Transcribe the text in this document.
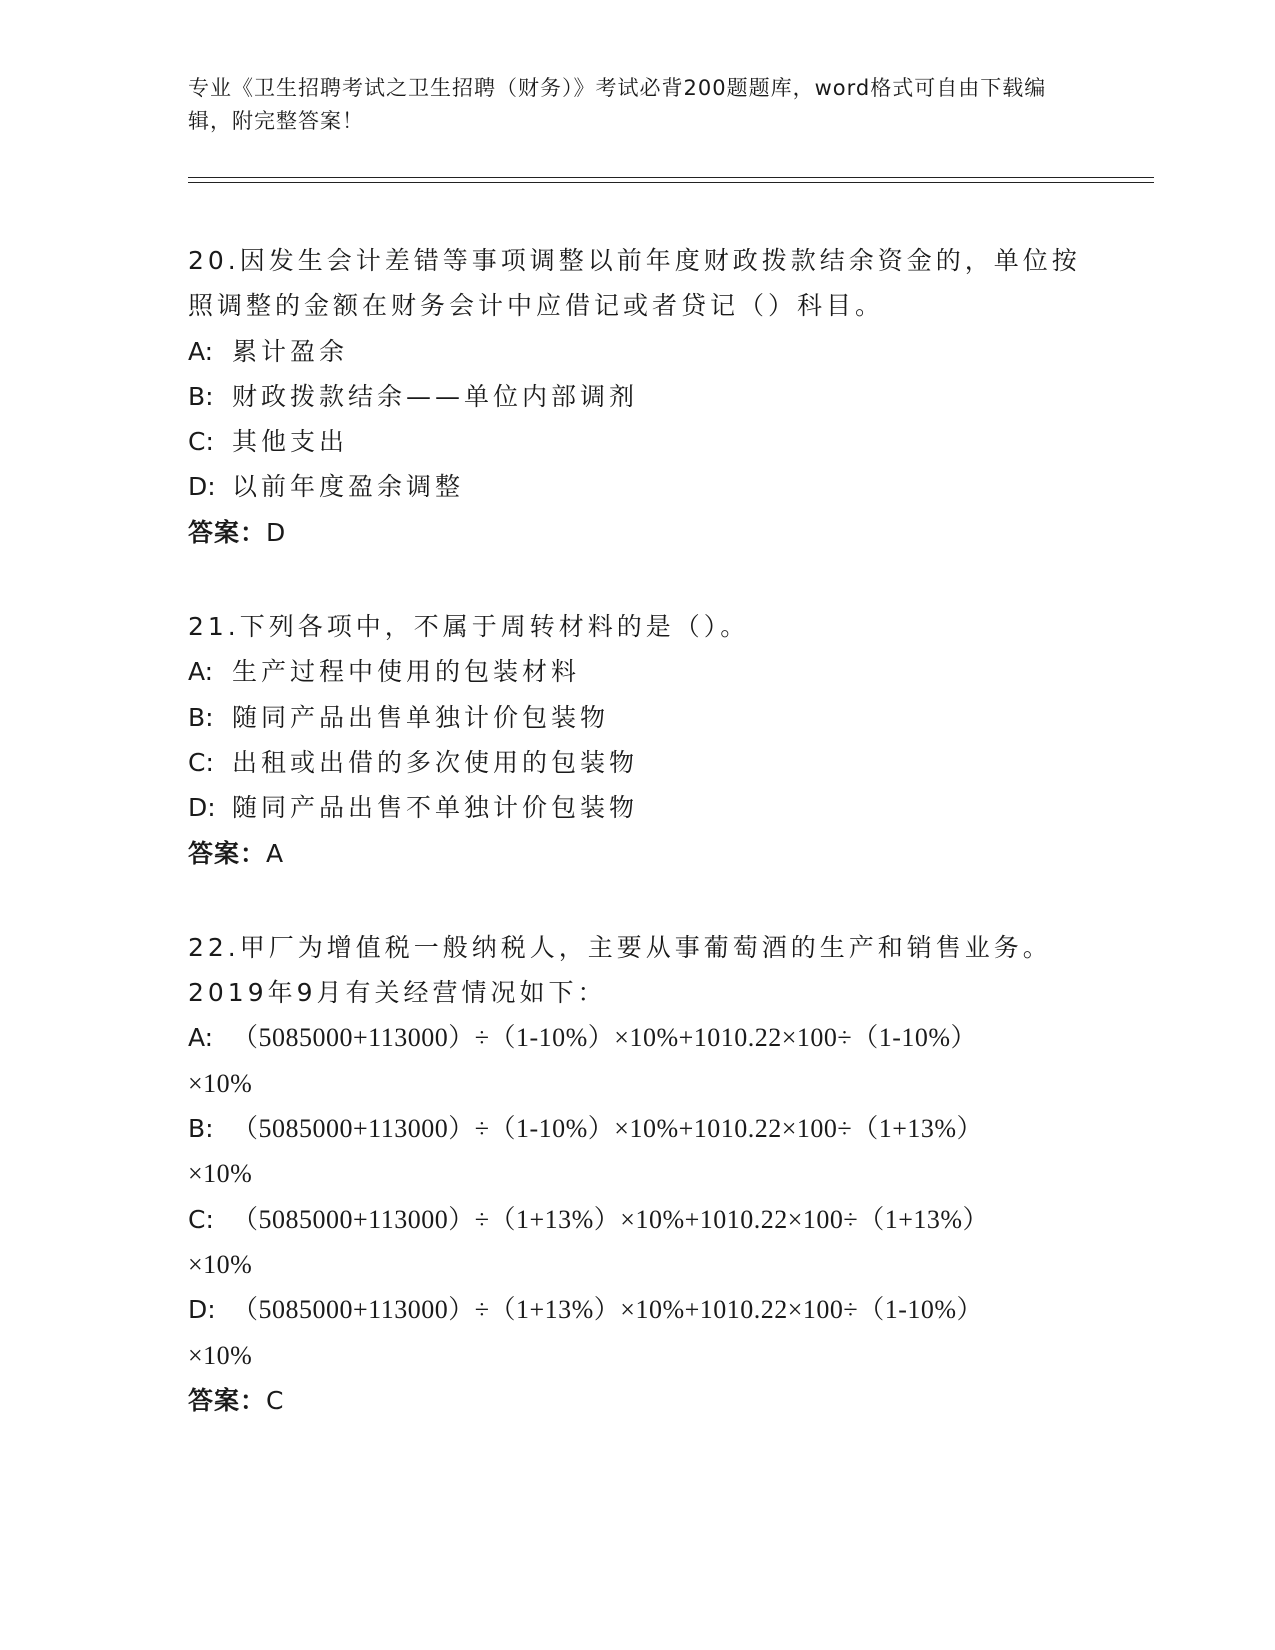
专业《卫生招聘考试之卫生招聘（财务）》考试必背200题题库，word格式可自由下载编辑，附完整答案！
20.因发生会计差错等事项调整以前年度财政拨款结余资金的，单位按
照调整的金额在财务会计中应借记或者贷记（）科目。
A: 累计盈余
B: 财政拨款结余——单位内部调剂
C: 其他支出
D: 以前年度盈余调整
答案：D
21.下列各项中，不属于周转材料的是（）。
A: 生产过程中使用的包装材料
B: 随同产品出售单独计价包装物
C: 出租或出借的多次使用的包装物
D: 随同产品出售不单独计价包装物
答案：A
22.甲厂为增值税一般纳税人，主要从事葡萄酒的生产和销售业务。
2019年9月有关经营情况如下：
A: （5085000+113000）÷（1-10%）×10%+1010.22×100÷（1-10%）
×10%
B: （5085000+113000）÷（1-10%）×10%+1010.22×100÷（1+13%）
×10%
C: （5085000+113000）÷（1+13%）×10%+1010.22×100÷（1+13%）
×10%
D: （5085000+113000）÷（1+13%）×10%+1010.22×100÷（1-10%）
×10%
答案：C
